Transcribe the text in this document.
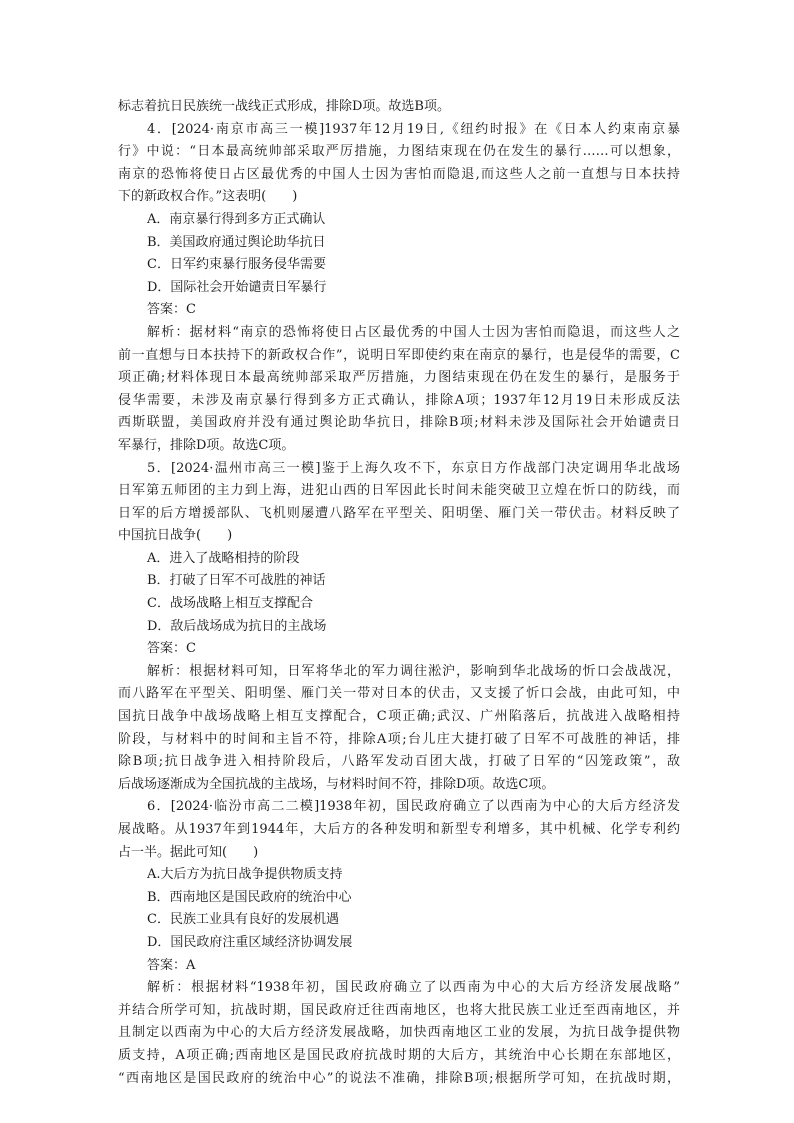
标志着抗日民族统一战线正式形成，排除D项。故选B项。
4．[2024·南京市高三一模]1937年12月19日,《纽约时报》在《日本人约束南京暴
行》中说：“日本最高统帅部采取严厉措施，力图结束现在仍在发生的暴行……可以想象，
南京的恐怖将使日占区最优秀的中国人士因为害怕而隐退,而这些人之前一直想与日本扶持
下的新政权合作。”这表明(　　)
A．南京暴行得到多方正式确认
B．美国政府通过舆论助华抗日
C．日军约束暴行服务侵华需要
D．国际社会开始谴责日军暴行
答案：C
解析：据材料“南京的恐怖将使日占区最优秀的中国人士因为害怕而隐退，而这些人之
前一直想与日本扶持下的新政权合作”，说明日军即使约束在南京的暴行，也是侵华的需要，C
项正确;材料体现日本最高统帅部采取严厉措施，力图结束现在仍在发生的暴行，是服务于
侵华需要，未涉及南京暴行得到多方正式确认，排除A项；1937年12月19日未形成反法
西斯联盟，美国政府并没有通过舆论助华抗日，排除B项;材料未涉及国际社会开始谴责日
军暴行，排除D项。故选C项。
5．[2024·温州市高三一模]鉴于上海久攻不下，东京日方作战部门决定调用华北战场
日军第五师团的主力到上海，进犯山西的日军因此长时间未能突破卫立煌在忻口的防线，而
日军的后方增援部队、飞机则屡遭八路军在平型关、阳明堡、雁门关一带伏击。材料反映了
中国抗日战争(　　)
A．进入了战略相持的阶段
B．打破了日军不可战胜的神话
C．战场战略上相互支撑配合
D．敌后战场成为抗日的主战场
答案：C
解析：根据材料可知，日军将华北的军力调往淞沪，影响到华北战场的忻口会战战况，
而八路军在平型关、阳明堡、雁门关一带对日本的伏击，又支援了忻口会战，由此可知，中
国抗日战争中战场战略上相互支撑配合，C项正确;武汉、广州陷落后，抗战进入战略相持
阶段，与材料中的时间和主旨不符，排除A项;台儿庄大捷打破了日军不可战胜的神话，排
除B项;抗日战争进入相持阶段后，八路军发动百团大战，打破了日军的“囚笼政策”，敌
后战场逐渐成为全国抗战的主战场，与材料时间不符，排除D项。故选C项。
6．[2024·临汾市高二二模]1938年初，国民政府确立了以西南为中心的大后方经济发
展战略。从1937年到1944年，大后方的各种发明和新型专利增多，其中机械、化学专利约
占一半。据此可知(　　)
A.大后方为抗日战争提供物质支持
B．西南地区是国民政府的统治中心
C．民族工业具有良好的发展机遇
D．国民政府注重区域经济协调发展
答案：A
解析：根据材料“1938年初，国民政府确立了以西南为中心的大后方经济发展战略”
并结合所学可知，抗战时期，国民政府迁往西南地区，也将大批民族工业迁至西南地区，并
且制定以西南为中心的大后方经济发展战略，加快西南地区工业的发展，为抗日战争提供物
质支持，A项正确;西南地区是国民政府抗战时期的大后方，其统治中心长期在东部地区，
“西南地区是国民政府的统治中心”的说法不准确，排除B项;根据所学可知，在抗战时期，
